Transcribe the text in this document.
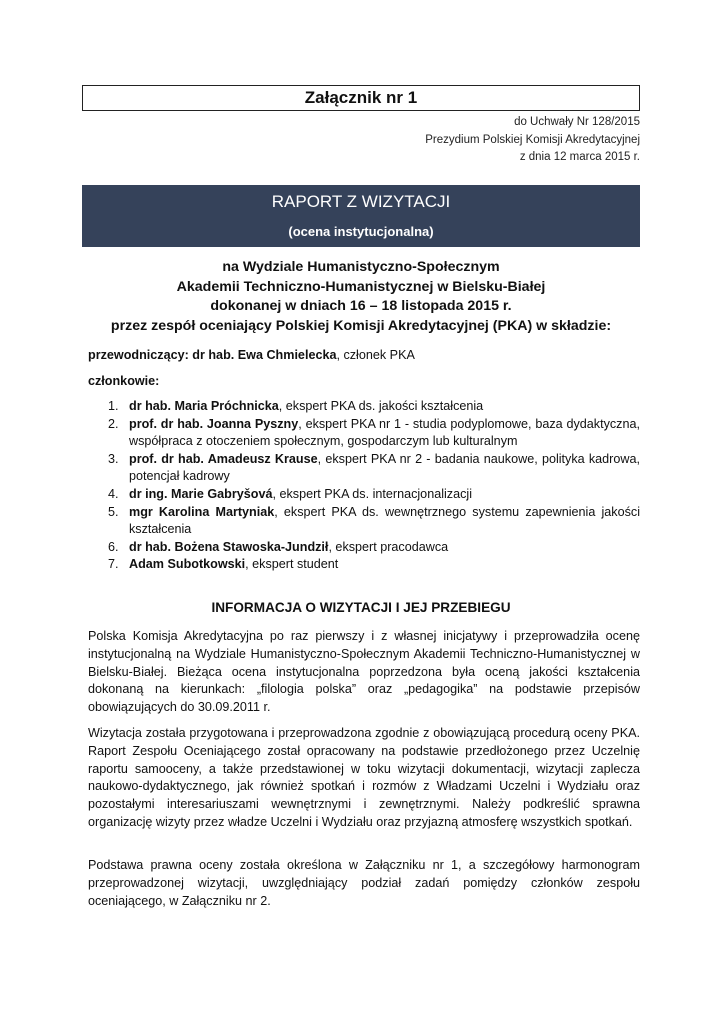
Załącznik nr 1
do Uchwały Nr 128/2015
Prezydium Polskiej Komisji Akredytacyjnej
z dnia 12 marca 2015 r.
RAPORT Z WIZYTACJI
(ocena instytucjonalna)
na Wydziale Humanistyczno-Społecznym
Akademii Techniczno-Humanistycznej w Bielsku-Białej
dokonanej w dniach 16 – 18 listopada 2015 r.
przez zespół oceniający Polskiej Komisji Akredytacyjnej (PKA) w składzie:
przewodniczący: dr hab. Ewa Chmielecka, członek PKA
członkowie:
1. dr hab. Maria Próchnicka, ekspert PKA ds. jakości kształcenia
2. prof. dr hab. Joanna Pyszny, ekspert PKA nr 1 - studia podyplomowe, baza dydaktyczna, współpraca z otoczeniem społecznym, gospodarczym lub kulturalnym
3. prof. dr hab. Amadeusz Krause, ekspert PKA nr 2 - badania naukowe, polityka kadrowa, potencjał kadrowy
4. dr ing. Marie Gabryšová, ekspert PKA ds. internacjonalizacji
5. mgr Karolina Martyniak, ekspert PKA ds. wewnętrznego systemu zapewnienia jakości kształcenia
6. dr hab. Bożena Stawoska-Jundził, ekspert pracodawca
7. Adam Subotkowski, ekspert student
INFORMACJA O WIZYTACJI I JEJ PRZEBIEGU

Polska Komisja Akredytacyjna po raz pierwszy i z własnej inicjatywy i przeprowadziła ocenę instytucjonalną na Wydziale Humanistyczno-Społecznym Akademii Techniczno-Humanistycznej w Bielsku-Białej. Bieżąca ocena instytucjonalna poprzedzona była oceną jakości kształcenia dokonaną na kierunkach: „filologia polska” oraz „pedagogika” na podstawie przepisów obowiązujących do 30.09.2011 r.

Wizytacja została przygotowana i przeprowadzona zgodnie z obowiązującą procedurą oceny PKA. Raport Zespołu Oceniającego został opracowany na podstawie przedłożonego przez Uczelnię raportu samooceny, a także przedstawionej w toku wizytacji dokumentacji, wizytacji zaplecza naukowo-dydaktycznego, jak również spotkań i rozmów z Władzami Uczelni i Wydziału oraz pozostałymi interesariuszami wewnętrznymi i zewnętrznymi. Należy podkreślić sprawna organizację wizyty przez władze Uczelni i Wydziału oraz przyjazną atmosferę wszystkich spotkań.

Podstawa prawna oceny została określona w Załączniku nr 1, a szczegółowy harmonogram przeprowadzonej wizytacji, uwzględniający podział zadań pomiędzy członków zespołu oceniającego, w Załączniku nr 2.
